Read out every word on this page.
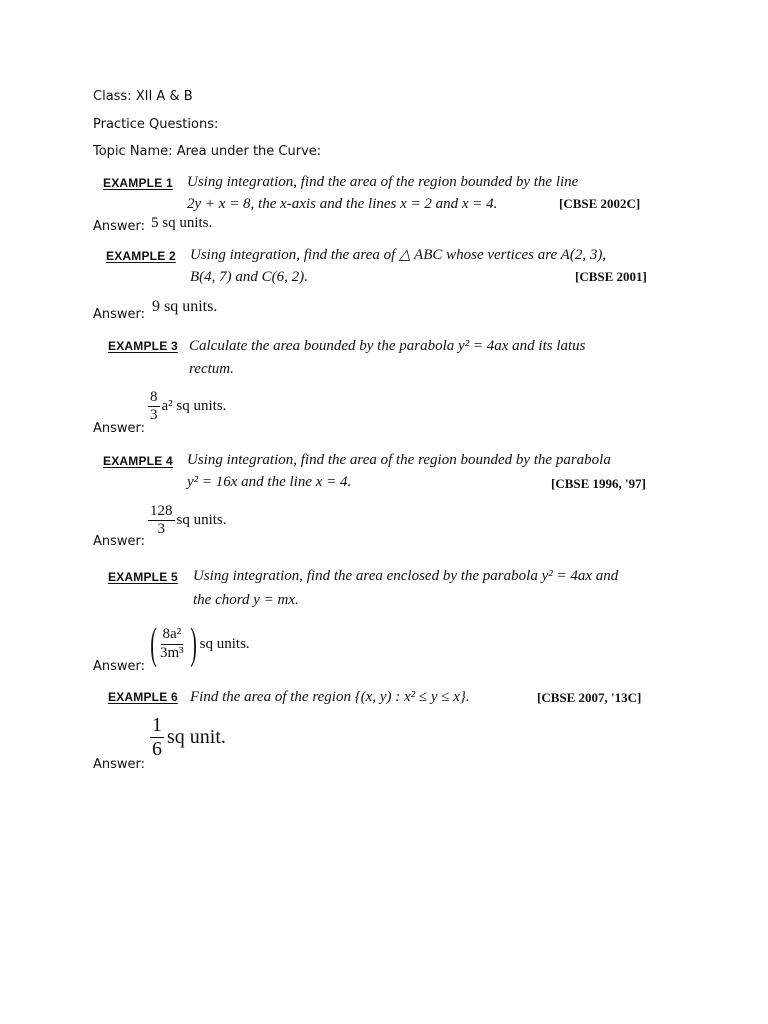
Class: XII A & B
Practice Questions:
Topic Name: Area under the Curve:
EXAMPLE 1 Using integration, find the area of the region bounded by the line
2y + x = 8, the x-axis and the lines x = 2 and x = 4.	[CBSE 2002C]
Answer: 5 sq units.
EXAMPLE 2 Using integration, find the area of △ ABC whose vertices are A(2, 3),
B(4, 7) and C(6, 2).	[CBSE 2001]
Answer: 9 sq units.
EXAMPLE 3 Calculate the area bounded by the parabola y² = 4ax and its latus
rectum.
$\frac{8}{3} a^2$ sq units.
Answer:
EXAMPLE 4 Using integration, find the area of the region bounded by the parabola
y² = 16x and the line x = 4.	[CBSE 1996, '97]
$\frac{128}{3}$ sq units.
Answer:
EXAMPLE 5 Using integration, find the area enclosed by the parabola y² = 4ax and
the chord y = mx.
( $\frac{\text{8a²}}{\text{3m³}}$ ) sq units.
Answer:
EXAMPLE 6 Find the area of the region {(x, y) : x² ≤ y ≤ x}.	[CBSE 2007, '13C]
$\frac{1}{6}$ sq unit.
Answer:
